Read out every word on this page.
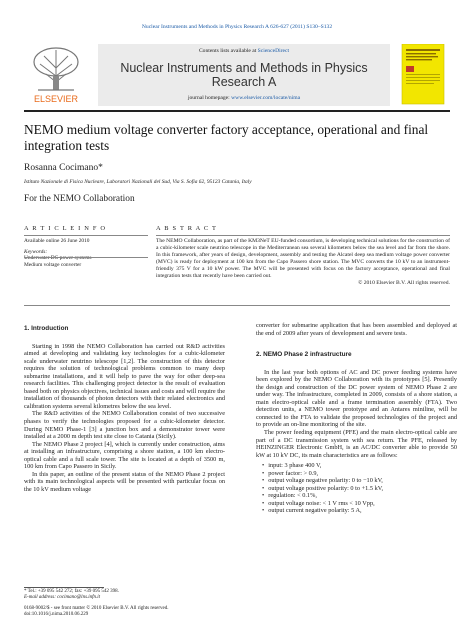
Nuclear Instruments and Methods in Physics Research A 626-627 (2011) S130–S132
ELSEVIER
Contents lists available at ScienceDirect
Nuclear Instruments and Methods in Physics Research A
journal homepage: www.elsevier.com/locate/nima
NEMO medium voltage converter factory acceptance, operational and final integration tests
Rosanna Cocimano*
Istituto Nazionale di Fisica Nucleare, Laboratori Nazionali del Sud, Via S. Sofia 62, 95123 Catania, Italy
For the NEMO Collaboration
A R T I C L E I N F O	A B S T R A C T
Available online 26 June 2010
Keywords:
Underwater DC power systems
Medium voltage converter
The NEMO Collaboration, as part of the KM3NeT EU-funded consortium, is developing technical solutions for the construction of a cubic-kilometer scale neutrino telescope in the Mediterranean sea several kilometers below the sea level and far from the shore. In this framework, after years of design, development, assembly and testing the Alcatel deep sea medium voltage power converter (MVC) is ready for deployment at 100 km from the Capo Passero shore station. The MVC converts the 10 kV to an instrument-friendly 375 V for a 10 kW power. The MVC will be presented with focus on the factory acceptance, operational and final integration tests that recently have been carried out.
© 2010 Elsevier B.V. All rights reserved.
1. Introduction

Starting in 1998 the NEMO Collaboration has carried out R&D activities aimed at developing and validating key technologies for a cubic-kilometer scale underwater neutrino telescope [1,2]. The construction of this detector requires the solution of technological problems common to many deep submarine installations, and it will help to pave the way for other deep-sea research facilities. This challenging project detector is the result of evaluation based both on physics objectives, technical issues and costs and will require the installation of thousands of photon detectors with their related electronics and calibration systems several kilometres below the sea level.

The R&D activities of the NEMO Collaboration consist of two successive phases to verify the technologies proposed for a cubic-kilometer detector. During NEMO Phase-1 [3] a junction box and a demonstrator tower were installed at a 2000 m depth test site close to Catania (Sicily).

The NEMO Phase 2 project [4], which is currently under construction, aims at installing an infrastructure, comprising a shore station, a 100 km electro-optical cable and a full scale tower. The site is located at a depth of 3500 m, 100 km from Capo Passero in Sicily.

In this paper, an outline of the present status of the NEMO Phase 2 project with its main technological aspects will be presented with particular focus on the 10 kV medium voltage

converter for submarine application that has been assembled and deployed at the end of 2009 after years of development and severe tests.

2. NEMO Phase 2 infrastructure

In the last year both options of AC and DC power feeding systems have been explored by the NEMO Collaboration with its prototypes [5]. Presently the design and construction of the DC power system of NEMO Phase 2 are under way. The infrastructure, completed in 2009, consists of a shore station, a main electro-optical cable and a frame termination assembly (FTA). Two detection units, a NEMO tower prototype and an Antares miniline, will be connected to the FTA to validate the proposed technologies of the project and to provide an on-line monitoring of the site.

The power feeding equipment (PFE) and the main electro-optical cable are part of a DC transmission system with sea return. The PFE, released by HEINZINGER Electronic GmbH, is an AC/DC converter able to provide 50 kW at 10 kV DC, its main characteristics are as follows:

• input: 3 phase 400 V,
• power factor: > 0.9,
• output voltage negative polarity: 0 to −10 kV,
• output voltage positive polarity: 0 to +1.5 kV,
• regulation: < 0.1%,
• output voltage noise: < 1 V rms < 10 Vpp,
• output current negative polarity: 5 A,
* Tel.: +39 095 542 272; fax: +39 095 542 398.
E-mail address: cocimano@lns.infn.it
0168-9002/$ - see front matter © 2010 Elsevier B.V. All rights reserved.
doi:10.1016/j.nima.2010.06.229
